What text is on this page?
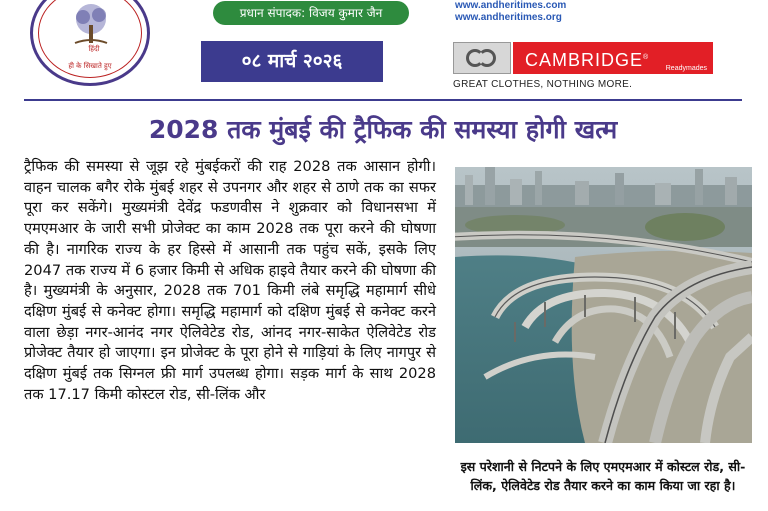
हिंदी
ही के सिखाते हुए
प्रधान संपादक: विजय कुमार जैन
०८ मार्च २०२६
www.andheritimes.com
www.andheritimes.org
CAMBRIDGE®
Readymades
GREAT CLOTHES, NOTHING MORE.
2028 तक मुंबई की ट्रैफिक की समस्या होगी खत्म

ट्रैफिक की समस्या से जूझ रहे मुंबईकरों की राह 2028 तक आसान होगी। वाहन चालक बगैर रोके मुंबई शहर से उपनगर और शहर से ठाणे तक का सफर पूरा कर सकेंगे। मुख्यमंत्री देवेंद्र फडणवीस ने शुक्रवार को विधानसभा में एमएमआर के जारी सभी प्रोजेक्ट का काम 2028 तक पूरा करने की घोषणा की है। नागरिक राज्य के हर हिस्से में आसानी तक पहुंच सकें, इसके लिए 2047 तक राज्य में 6 हजार किमी से अधिक हाइवे तैयार करने की घोषणा की है। मुख्यमंत्री के अनुसार, 2028 तक 701 किमी लंबे समृद्धि महामार्ग सीधे दक्षिण मुंबई से कनेक्ट होगा। समृद्धि महामार्ग को दक्षिण मुंबई से कनेक्ट करने वाला छेड़ा नगर-आनंद नगर ऐलिवेटेड रोड, आंनद नगर-साकेत ऐलिवेटेड रोड प्रोजेक्ट तैयार हो जाएगा। इन प्रोजेक्ट के पूरा होने से गाड़ियां के लिए नागपुर से दक्षिण मुंबई तक सिग्नल फ्री मार्ग उपलब्ध होगा। सड़क मार्ग के साथ 2028 तक 17.17 किमी कोस्टल रोड, सी-लिंक और

इस परेशानी से निटपने के लिए एमएमआर में कोस्टल रोड, सी-लिंक, ऐलिवेटेड रोड तैयार करने का काम किया जा रहा है।
